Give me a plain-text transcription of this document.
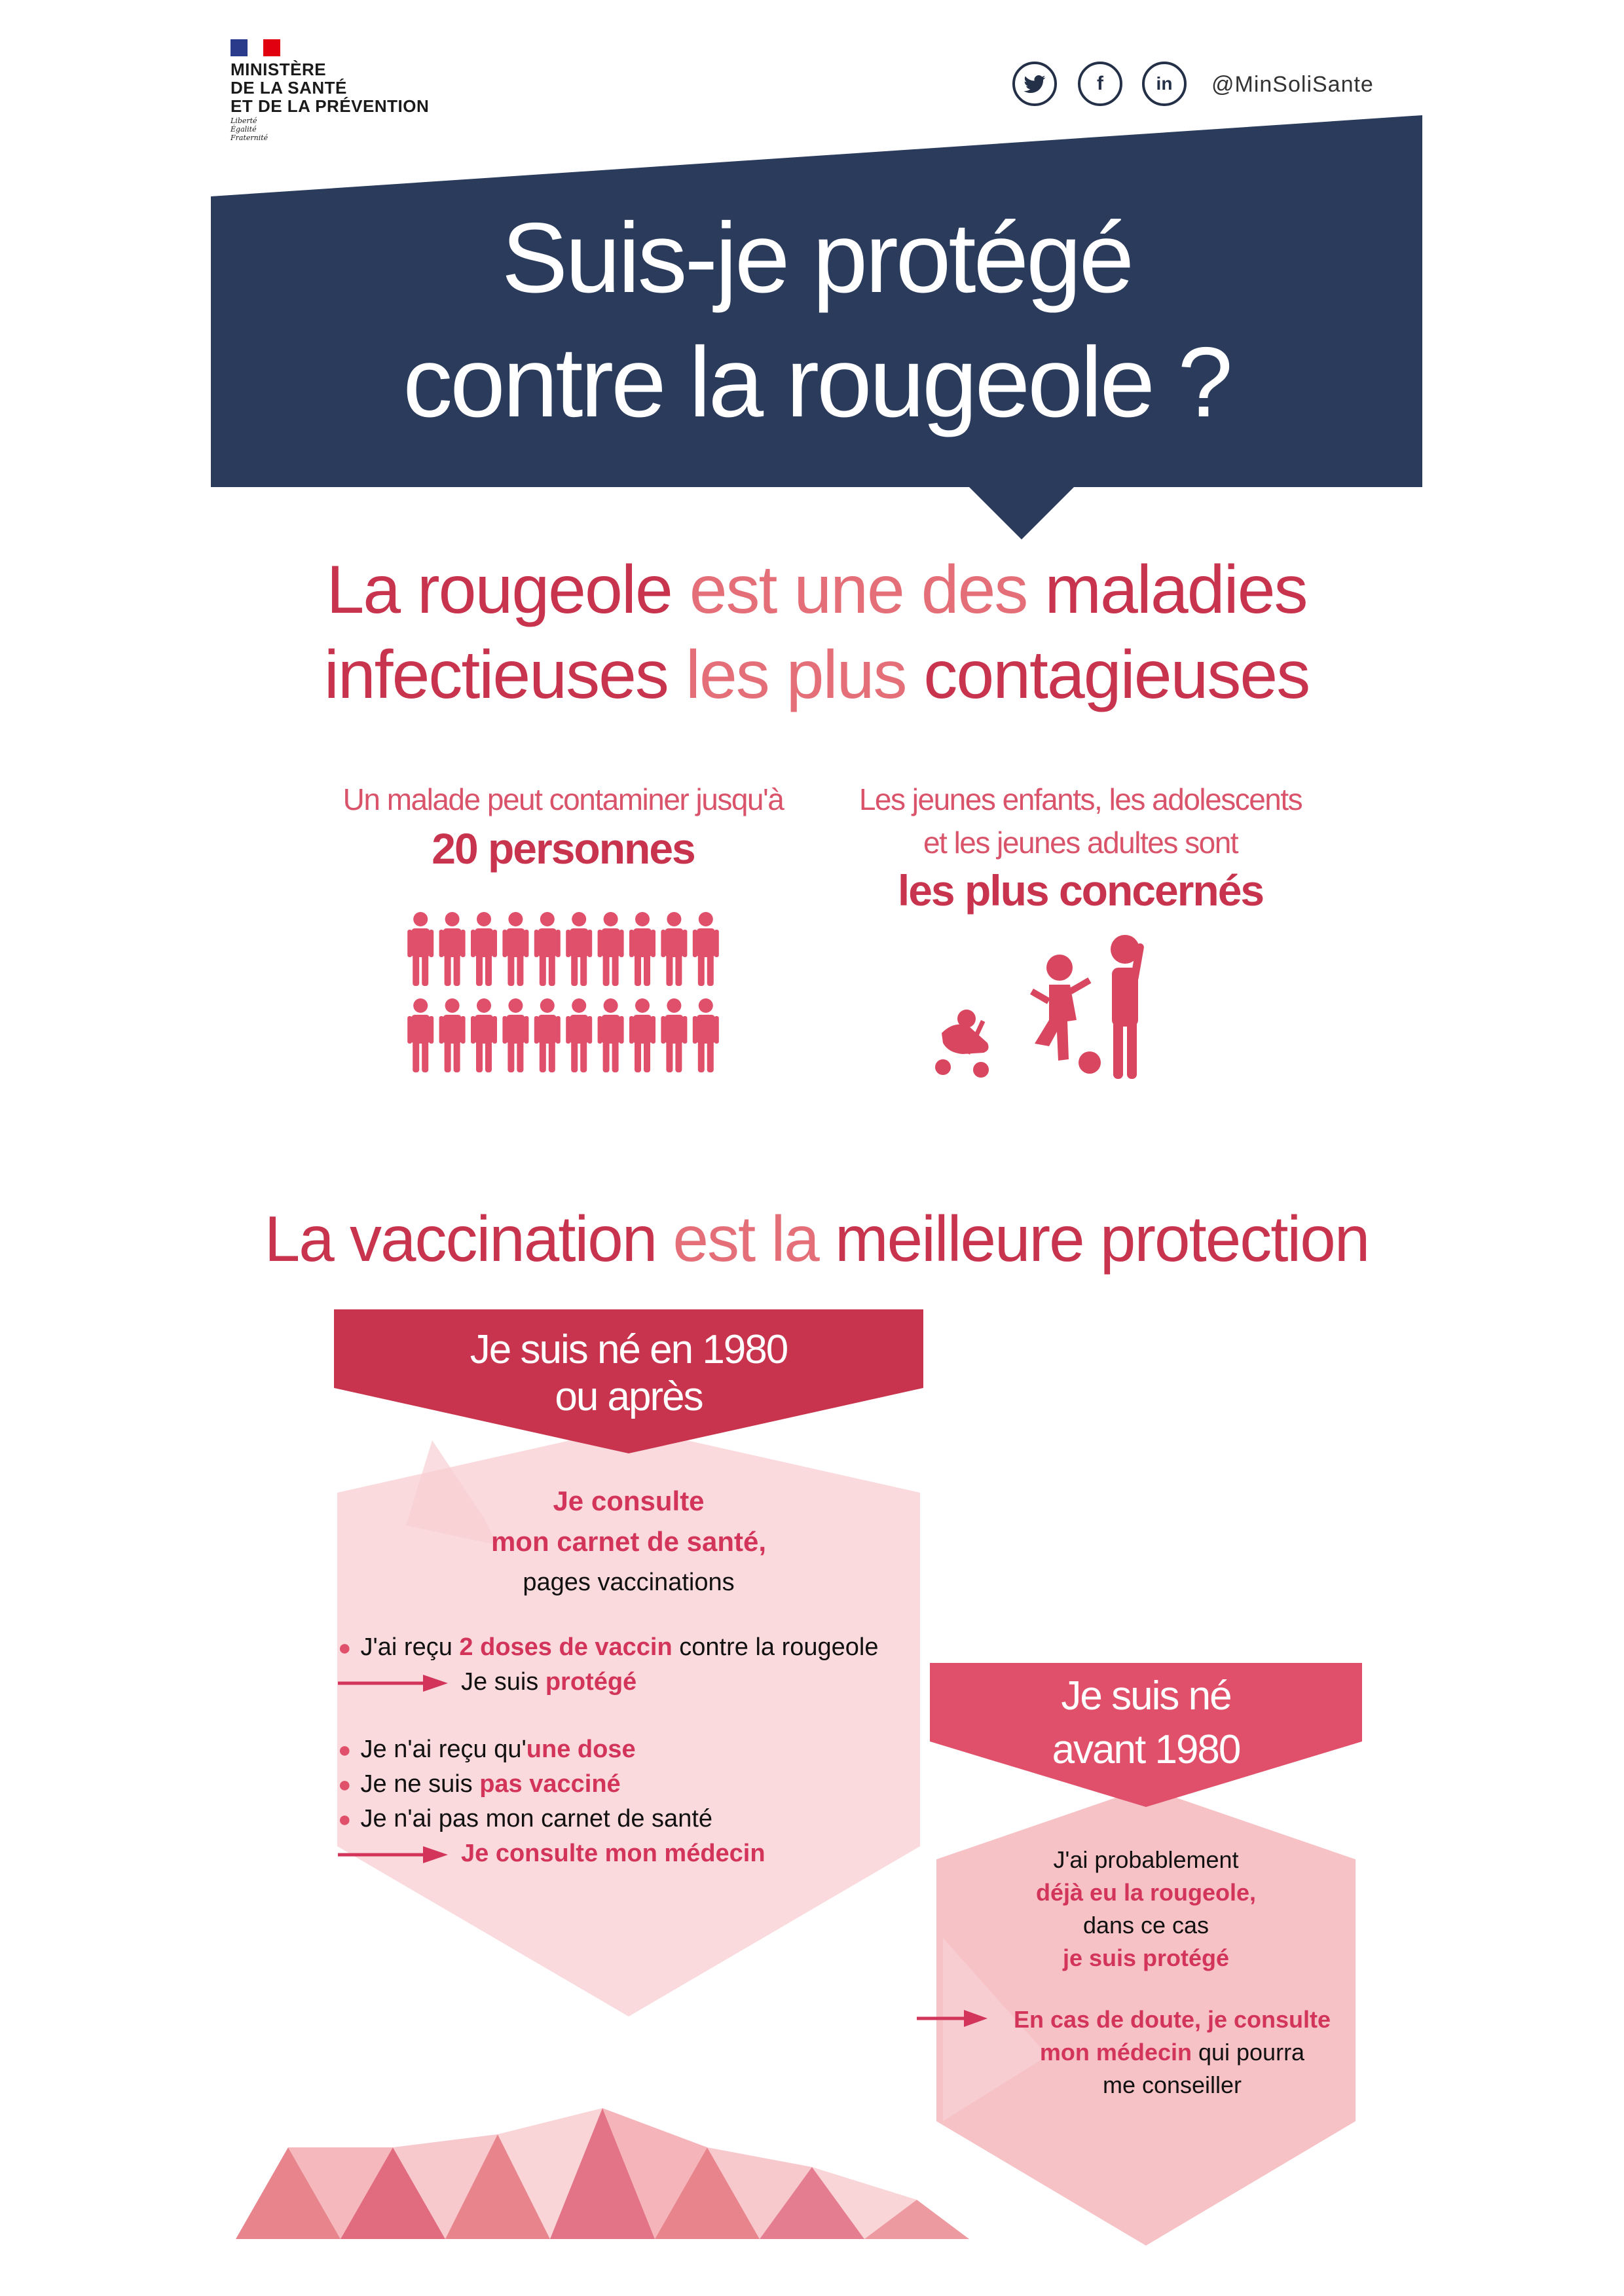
MINISTÈRE
DE LA SANTÉ
ET DE LA PRÉVENTION
Liberté
Égalité
Fraternité
f	in	@MinSoliSante
Suis-je protégé
contre la rougeole ?
La rougeole est une des maladies
infectieuses les plus contagieuses
Un malade peut contaminer jusqu'à
20 personnes
Les jeunes enfants, les adolescents
et les jeunes adultes sont
les plus concernés
La vaccination est la meilleure protection
Je suis né en 1980
ou après
Je consulte
mon carnet de santé,
pages vaccinations
● J'ai reçu 2 doses de vaccin contre la rougeole
Je suis protégé
● Je n'ai reçu qu'une dose
● Je ne suis pas vacciné
● Je n'ai pas mon carnet de santé
Je consulte mon médecin
Je suis né
avant 1980
J'ai probablement
déjà eu la rougeole,
dans ce cas
je suis protégé
En cas de doute, je consulte
mon médecin qui pourra
me conseiller
